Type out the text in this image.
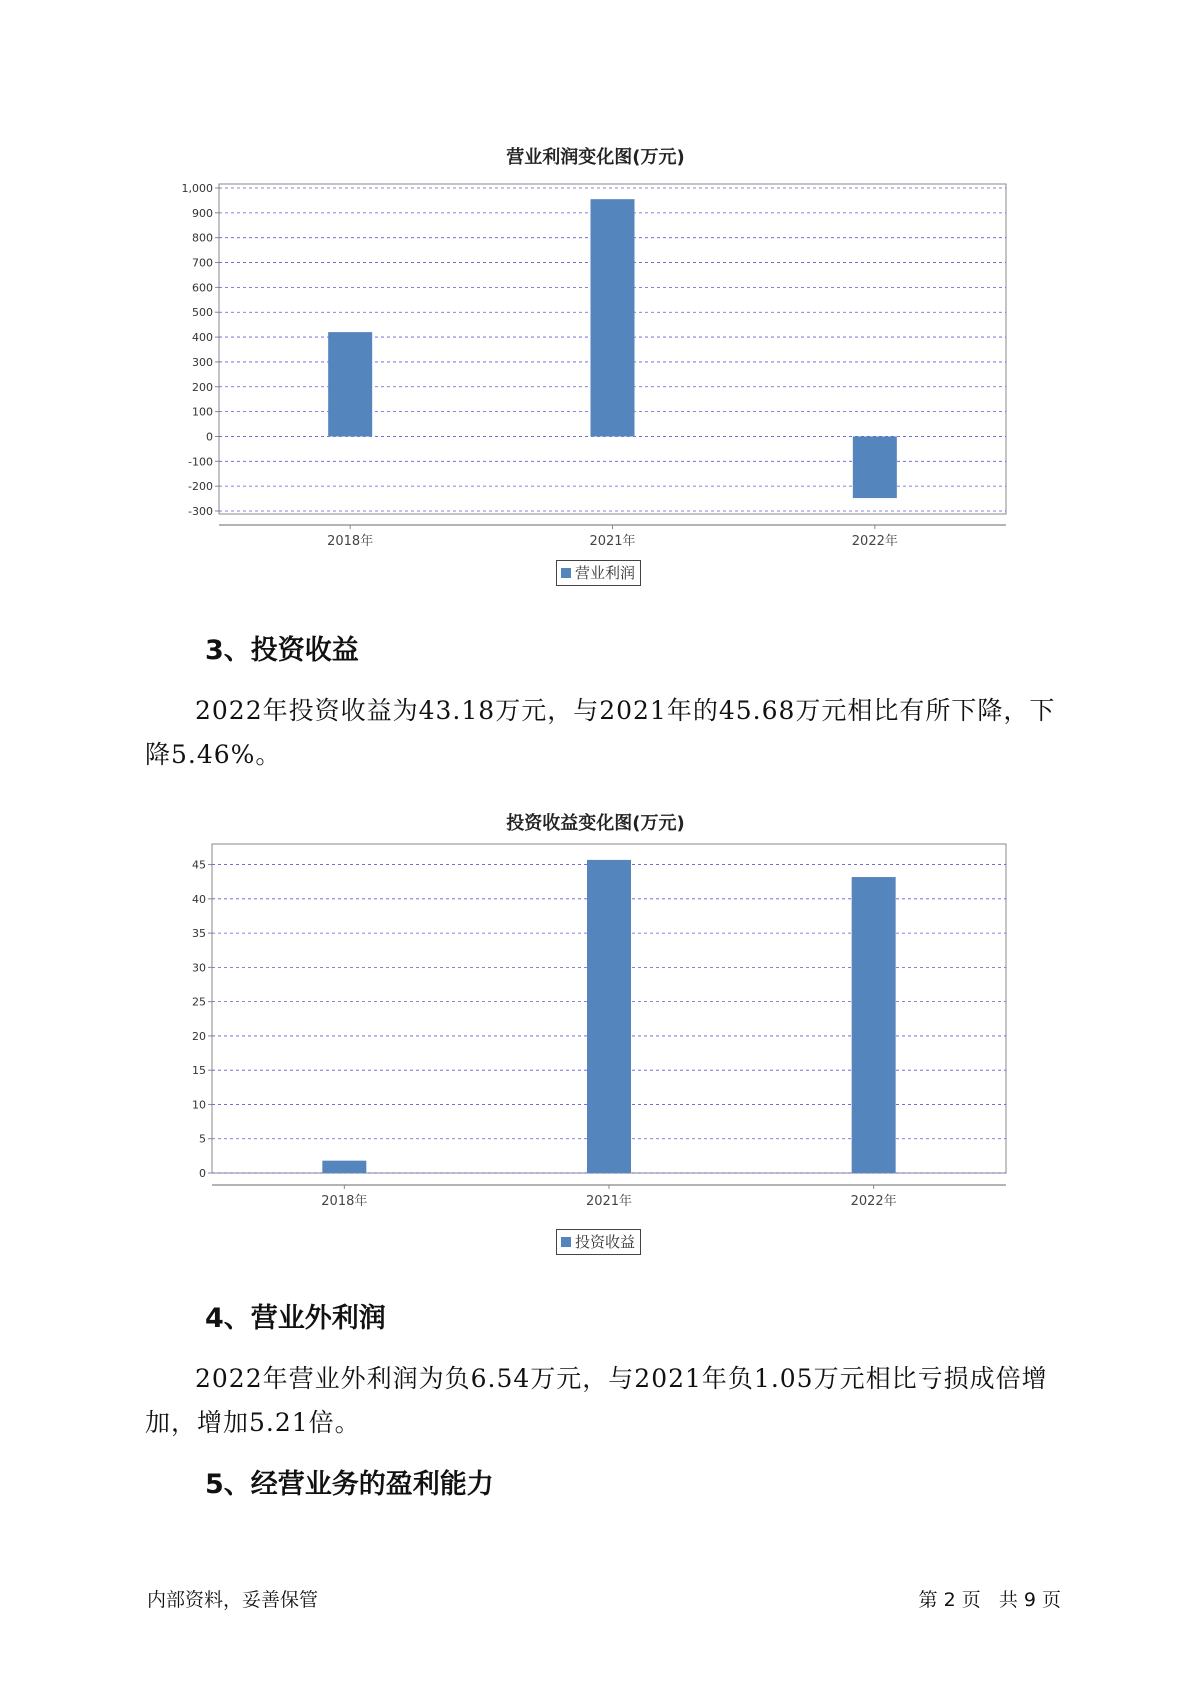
营业利润变化图(万元)
1,000
900
800
700
600
500
400
300
200
100
0
-100
-200
-300
2018年	2021年	2022年
营业利润
3、投资收益

2022年投资收益为43.18万元，与2021年的45.68万元相比有所下降，下降5.46%。

投资收益变化图(万元)
45
40
35
30
25
20
15
10
5
0
2018年	2021年	2022年
投资收益
4、营业外利润

2022年营业外利润为负6.54万元，与2021年负1.05万元相比亏损成倍增加，增加5.21倍。

5、经营业务的盈利能力
内部资料，妥善保管	第 2 页   共 9 页
